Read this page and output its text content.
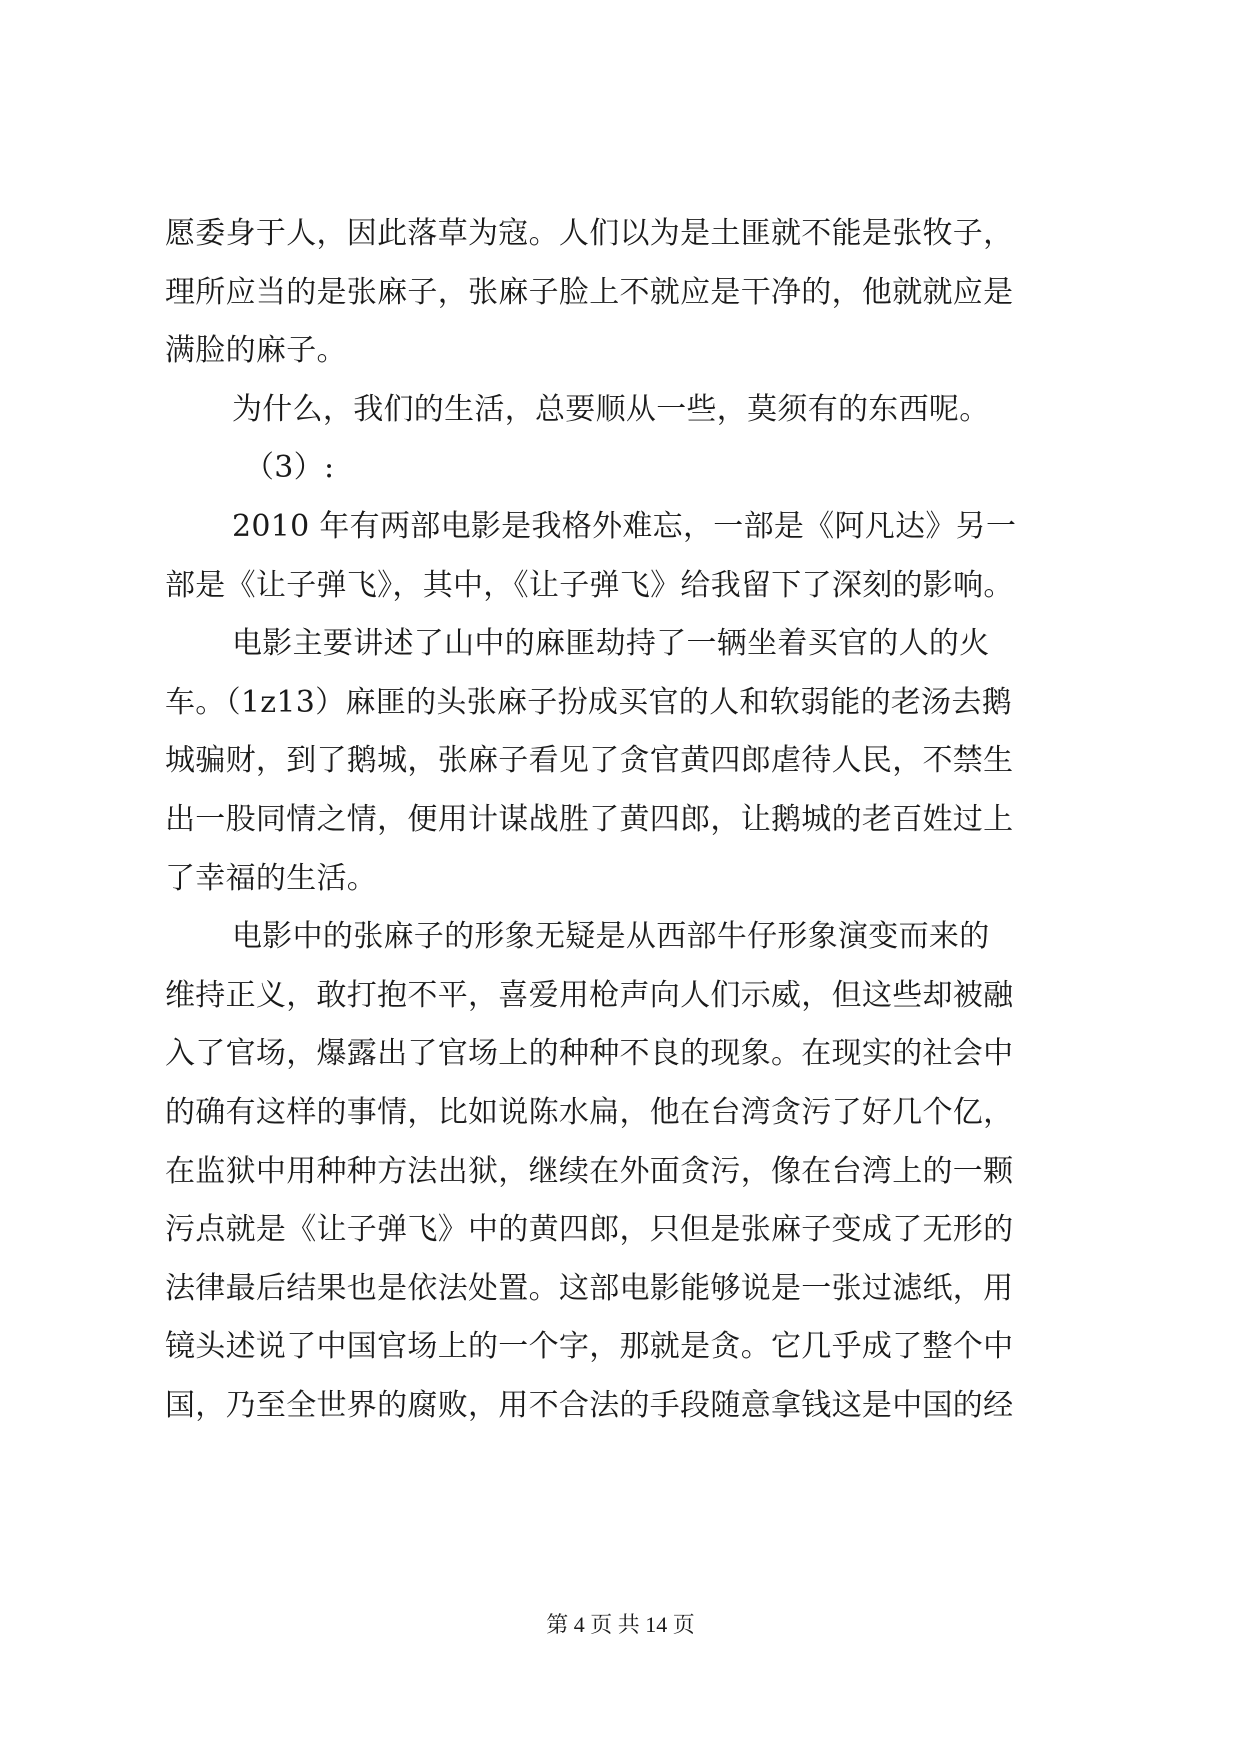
愿委身于人，因此落草为寇。人们以为是土匪就不能是张牧子，
理所应当的是张麻子，张麻子脸上不就应是干净的，他就就应是
满脸的麻子。
为什么，我们的生活，总要顺从一些，莫须有的东西呢。
（3）:
2010 年有两部电影是我格外难忘，一部是《阿凡达》另一
部是《让子弹飞》，其中，《让子弹飞》给我留下了深刻的影响。
电影主要讲述了山中的麻匪劫持了一辆坐着买官的人的火
车。（1z13）麻匪的头张麻子扮成买官的人和软弱能的老汤去鹅
城骗财，到了鹅城，张麻子看见了贪官黄四郎虐待人民，不禁生
出一股同情之情，便用计谋战胜了黄四郎，让鹅城的老百姓过上
了幸福的生活。
电影中的张麻子的形象无疑是从西部牛仔形象演变而来的
维持正义，敢打抱不平，喜爱用枪声向人们示威，但这些却被融
入了官场，爆露出了官场上的种种不良的现象。在现实的社会中
的确有这样的事情，比如说陈水扁，他在台湾贪污了好几个亿，
在监狱中用种种方法出狱，继续在外面贪污，像在台湾上的一颗
污点就是《让子弹飞》中的黄四郎，只但是张麻子变成了无形的
法律最后结果也是依法处置。这部电影能够说是一张过滤纸，用
镜头述说了中国官场上的一个字，那就是贪。它几乎成了整个中
国，乃至全世界的腐败，用不合法的手段随意拿钱这是中国的经
第 4 页 共 14 页
